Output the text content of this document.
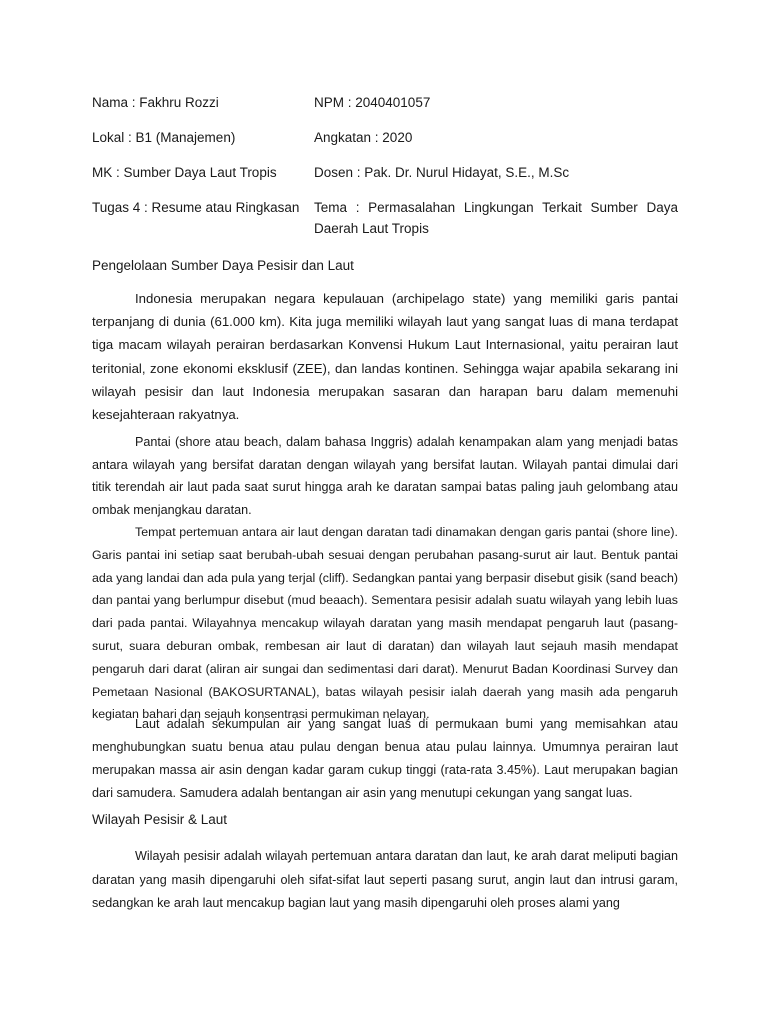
Nama : Fakhru Rozzi	NPM : 2040401057
Lokal : B1 (Manajemen)	Angkatan : 2020
MK : Sumber Daya Laut Tropis	Dosen : Pak. Dr. Nurul Hidayat, S.E., M.Sc
Tugas 4 : Resume atau Ringkasan	Tema : Permasalahan Lingkungan Terkait Sumber Daya Daerah Laut Tropis
Pengelolaan Sumber Daya Pesisir dan Laut

Indonesia merupakan negara kepulauan (archipelago state) yang memiliki garis pantai terpanjang di dunia (61.000 km). Kita juga memiliki wilayah laut yang sangat luas di mana terdapat tiga macam wilayah perairan berdasarkan Konvensi Hukum Laut Internasional, yaitu perairan laut teritonial, zone ekonomi eksklusif (ZEE), dan landas kontinen. Sehingga wajar apabila sekarang ini wilayah pesisir dan laut Indonesia merupakan sasaran dan harapan baru dalam memenuhi kesejahteraan rakyatnya.

Pantai (shore atau beach, dalam bahasa Inggris) adalah kenampakan alam yang menjadi batas antara wilayah yang bersifat daratan dengan wilayah yang bersifat lautan. Wilayah pantai dimulai dari titik terendah air laut pada saat surut hingga arah ke daratan sampai batas paling jauh gelombang atau ombak menjangkau daratan.

Tempat pertemuan antara air laut dengan daratan tadi dinamakan dengan garis pantai (shore line). Garis pantai ini setiap saat berubah-ubah sesuai dengan perubahan pasang-surut air laut. Bentuk pantai ada yang landai dan ada pula yang terjal (cliff). Sedangkan pantai yang berpasir disebut gisik (sand beach) dan pantai yang berlumpur disebut (mud beaach). Sementara pesisir adalah suatu wilayah yang lebih luas dari pada pantai. Wilayahnya mencakup wilayah daratan yang masih mendapat pengaruh laut (pasang-surut, suara deburan ombak, rembesan air laut di daratan) dan wilayah laut sejauh masih mendapat pengaruh dari darat (aliran air sungai dan sedimentasi dari darat). Menurut Badan Koordinasi Survey dan Pemetaan Nasional (BAKOSURTANAL), batas wilayah pesisir ialah daerah yang masih ada pengaruh kegiatan bahari dan sejauh konsentrasi permukiman nelayan.

Laut adalah sekumpulan air yang sangat luas di permukaan bumi yang memisahkan atau menghubungkan suatu benua atau pulau dengan benua atau pulau lainnya. Umumnya perairan laut merupakan massa air asin dengan kadar garam cukup tinggi (rata-rata 3.45%). Laut merupakan bagian dari samudera. Samudera adalah bentangan air asin yang menutupi cekungan yang sangat luas.

Wilayah Pesisir & Laut

Wilayah pesisir adalah wilayah pertemuan antara daratan dan laut, ke arah darat meliputi bagian daratan yang masih dipengaruhi oleh sifat-sifat laut seperti pasang surut, angin laut dan intrusi garam, sedangkan ke arah laut mencakup bagian laut yang masih dipengaruhi oleh proses alami yang
